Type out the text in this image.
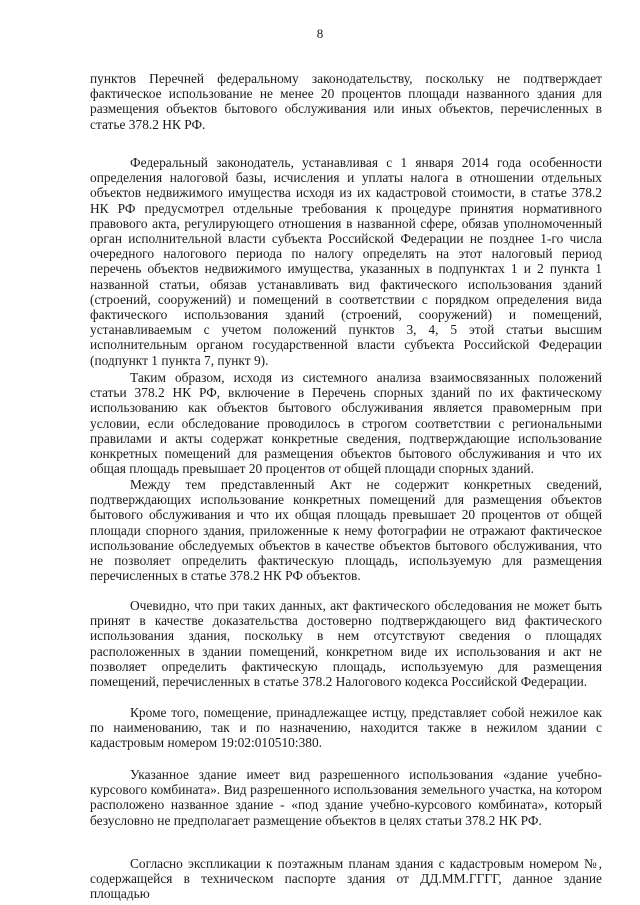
8

пунктов Перечней федеральному законодательству, поскольку не подтверждает фактическое использование не менее 20 процентов площади названного здания для размещения объектов бытового обслуживания или иных объектов, перечисленных в статье 378.2 НК РФ.

Федеральный законодатель, устанавливая с 1 января 2014 года особенности определения налоговой базы, исчисления и уплаты налога в отношении отдельных объектов недвижимого имущества исходя из их кадастровой стоимости, в статье 378.2 НК РФ предусмотрел отдельные требования к процедуре принятия нормативного правового акта, регулирующего отношения в названной сфере, обязав уполномоченный орган исполнительной власти субъекта Российской Федерации не позднее 1-го числа очередного налогового периода по налогу определять на этот налоговый период перечень объектов недвижимого имущества, указанных в подпунктах 1 и 2 пункта 1 названной статьи, обязав устанавливать вид фактического использования зданий (строений, сооружений) и помещений в соответствии с порядком определения вида фактического использования зданий (строений, сооружений) и помещений, устанавливаемым с учетом положений пунктов 3, 4, 5 этой статьи высшим исполнительным органом государственной власти субъекта Российской Федерации (подпункт 1 пункта 7, пункт 9).

Таким образом, исходя из системного анализа взаимосвязанных положений статьи 378.2 НК РФ, включение в Перечень спорных зданий по их фактическому использованию как объектов бытового обслуживания является правомерным при условии, если обследование проводилось в строгом соответствии с региональными правилами и акты содержат конкретные сведения, подтверждающие использование конкретных помещений для размещения объектов бытового обслуживания и что их общая площадь превышает 20 процентов от общей площади спорных зданий.

Между тем представленный Акт не содержит конкретных сведений, подтверждающих использование конкретных помещений для размещения объектов бытового обслуживания и что их общая площадь превышает 20 процентов от общей площади спорного здания, приложенные к нему фотографии не отражают фактическое использование обследуемых объектов в качестве объектов бытового обслуживания, что не позволяет определить фактическую площадь, используемую для размещения перечисленных в статье 378.2 НК РФ объектов.

Очевидно, что при таких данных, акт фактического обследования не может быть принят в качестве доказательства достоверно подтверждающего вид фактического использования здания, поскольку в нем отсутствуют сведения о площадях расположенных в здании помещений, конкретном виде их использования и акт не позволяет определить фактическую площадь, используемую для размещения помещений, перечисленных в статье 378.2 Налогового кодекса Российской Федерации.

Кроме того, помещение, принадлежащее истцу, представляет собой нежилое как по наименованию, так и по назначению, находится также в нежилом здании с кадастровым номером 19:02:010510:380.

Указанное здание имеет вид разрешенного использования «здание учебно-курсового комбината». Вид разрешенного использования земельного участка, на котором расположено названное здание - «под здание учебно-курсового комбината», который безусловно не предполагает размещение объектов в целях статьи 378.2 НК РФ.

Согласно экспликации к поэтажным планам здания с кадастровым номером №, содержащейся в техническом паспорте здания от ДД.ММ.ГГГГ, данное здание площадью
